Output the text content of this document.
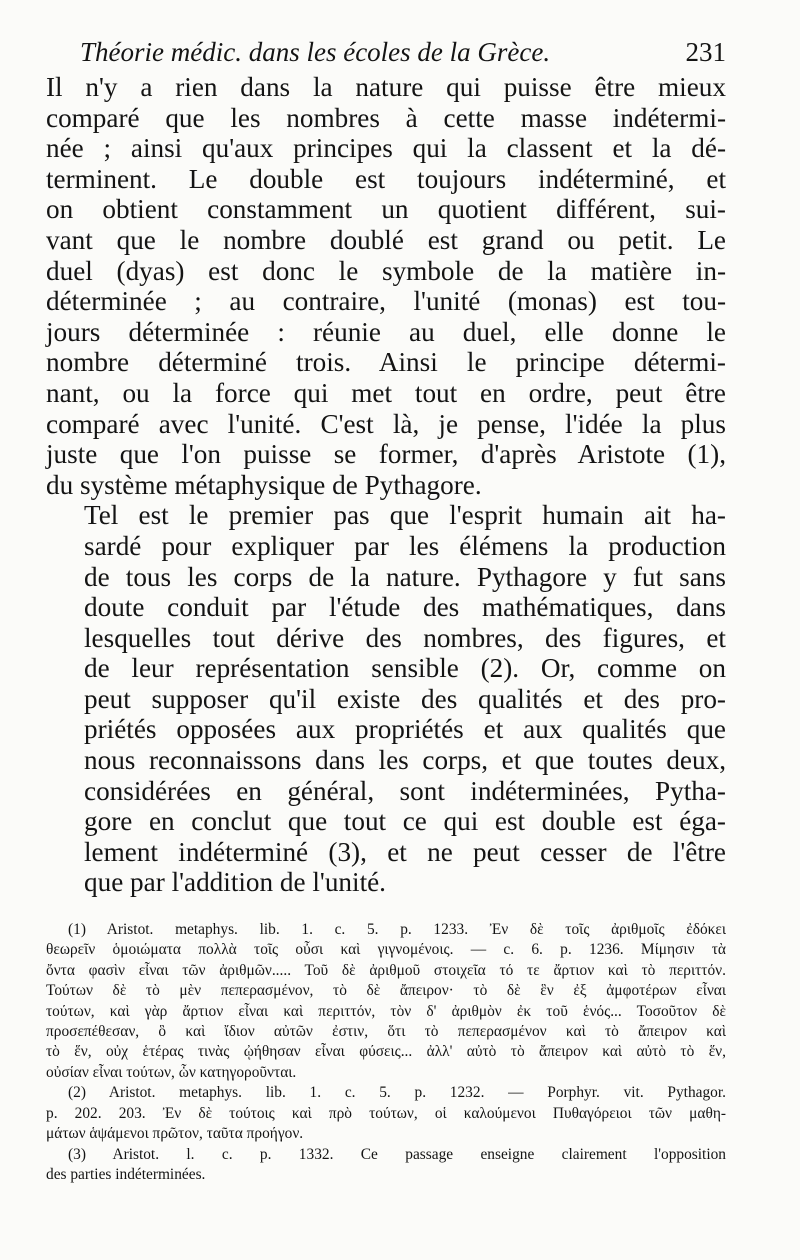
Théorie médic. dans les écoles de la Grèce.	231

Il n'y a rien dans la nature qui puisse être mieux
comparé que les nombres à cette masse indétermi-
née ; ainsi qu'aux principes qui la classent et la dé-
terminent. Le double est toujours indéterminé, et
on obtient constamment un quotient différent, sui-
vant que le nombre doublé est grand ou petit. Le
duel (dyas) est donc le symbole de la matière in-
déterminée ; au contraire, l'unité (monas) est tou-
jours déterminée : réunie au duel, elle donne le
nombre déterminé trois. Ainsi le principe détermi-
nant, ou la force qui met tout en ordre, peut être
comparé avec l'unité. C'est là, je pense, l'idée la plus
juste que l'on puisse se former, d'après Aristote (1),
du système métaphysique de Pythagore.

Tel est le premier pas que l'esprit humain ait ha-
sardé pour expliquer par les élémens la production
de tous les corps de la nature. Pythagore y fut sans
doute conduit par l'étude des mathématiques, dans
lesquelles tout dérive des nombres, des figures, et
de leur représentation sensible (2). Or, comme on
peut supposer qu'il existe des qualités et des pro-
priétés opposées aux propriétés et aux qualités que
nous reconnaissons dans les corps, et que toutes deux,
considérées en général, sont indéterminées, Pytha-
gore en conclut que tout ce qui est double est éga-
lement indéterminé (3), et ne peut cesser de l'être
que par l'addition de l'unité.

(1) Aristot. metaphys. lib. 1. c. 5. p. 1233. Ἐν δὲ τοῖς ἀριθμοῖς ἐδόκει
θεωρεῖν ὁμοιώματα πολλὰ τοῖς οὖσι καὶ γιγνομένοις. — c. 6. p. 1236. Μίμησιν τὰ
ὄντα φασὶν εἶναι τῶν ἀριθμῶν..... Τοῦ δὲ ἀριθμοῦ στοιχεῖα τό τε ἄρτιον καὶ τὸ περιττόν.
Τούτων δὲ τὸ μὲν πεπερασμένον, τὸ δὲ ἄπειρον· τὸ δὲ ἓν ἐξ ἀμφοτέρων εἶναι
τούτων, καὶ γὰρ ἄρτιον εἶναι καὶ περιττόν, τὸν δ' ἀριθμὸν ἐκ τοῦ ἑνός... Τοσοῦτον δὲ
προσεπέθεσαν, ὃ καὶ ἴδιον αὐτῶν ἐστιν, ὅτι τὸ πεπερασμένον καὶ τὸ ἄπειρον καὶ
τὸ ἕν, οὐχ ἑτέρας τινὰς ᾠήθησαν εἶναι φύσεις... ἀλλ' αὐτὸ τὸ ἄπειρον καὶ αὐτὸ τὸ ἕν,
οὐσίαν εἶναι τούτων, ὧν κατηγοροῦνται.
(2) Aristot. metaphys. lib. 1. c. 5. p. 1232. — Porphyr. vit. Pythagor.
p. 202. 203. Ἐν δὲ τούτοις καὶ πρὸ τούτων, οἱ καλούμενοι Πυθαγόρειοι τῶν μαθη-
μάτων ἁψάμενοι πρῶτον, ταῦτα προήγον.
(3) Aristot. l. c. p. 1332. Ce passage enseigne clairement l'opposition
des parties indéterminées.
